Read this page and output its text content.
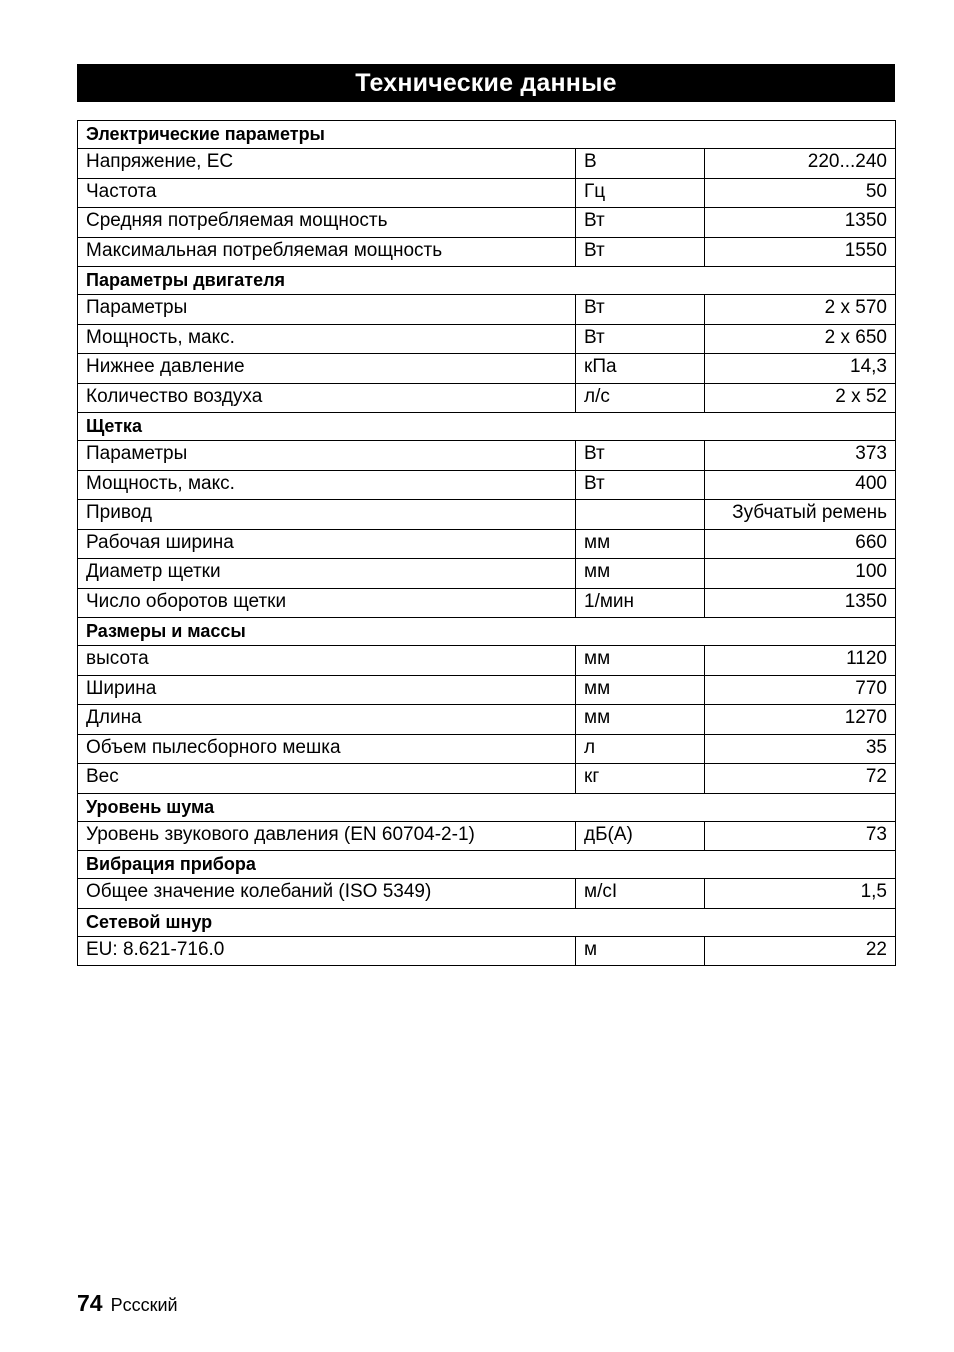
Технические данные
Электрические параметры		
Напряжение, ЕС	В	220...240
Частота	Гц	50
Средняя потребляемая мощность	Вт	1350
Максимальная потребляемая мощность	Вт	1550
Параметры двигателя		
Параметры	Вт	2 x 570
Мощность, макс.	Вт	2 x 650
Нижнее давление	кПа	14,3
Количество воздуха	л/с	2 x 52
Щетка		
Параметры	Вт	373
Мощность, макс.	Вт	400
Привод		Зубчатый ремень
Рабочая ширина	мм	660
Диаметр щетки	мм	100
Число оборотов щетки	1/мин	1350
Размеры и массы		
высота	мм	1120
Ширина	мм	770
Длина	мм	1270
Объем пылесборного мешка	л	35
Вес	кг	72
Уровень шума		
Уровень звукового давления (EN 60704-2-1)	дБ(А)	73
Вибрация прибора		
Общее значение колебаний (ISO 5349)	м/сI	1,5
Сетевой шнур		
EU: 8.621-716.0	м	22
74 Pcсский
